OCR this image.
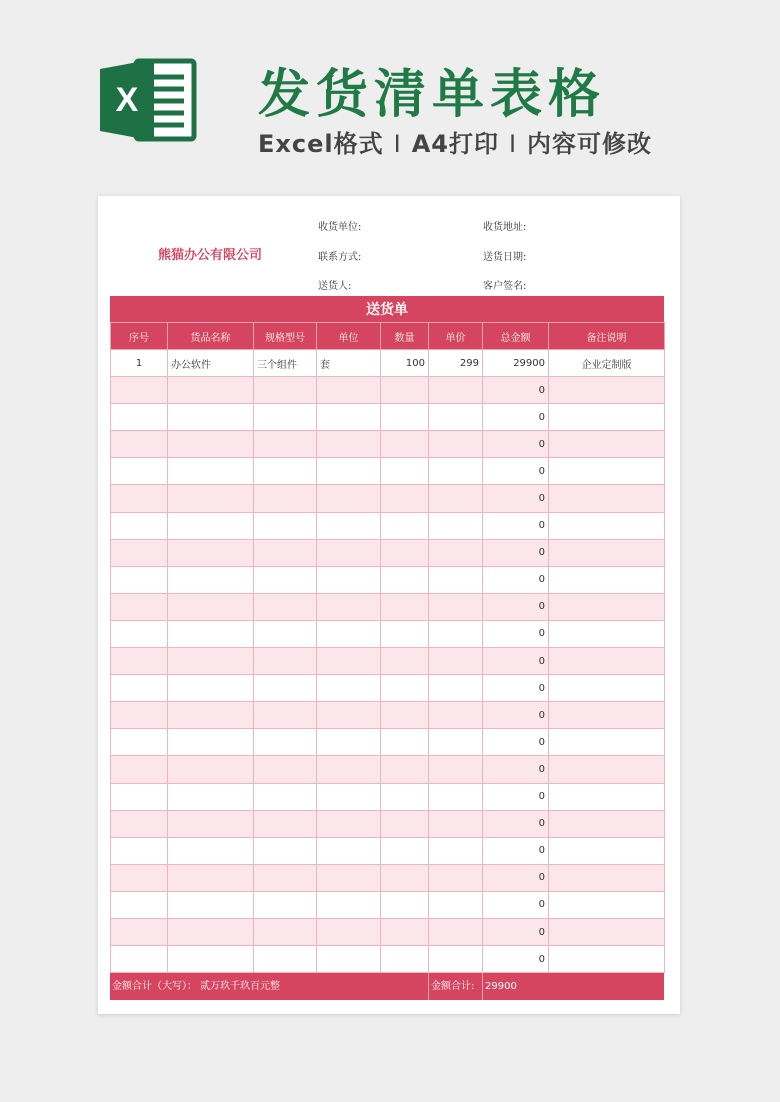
X 发货清单表格
Excel格式 I A4打印 I 内容可修改
熊猫办公有限公司
收货单位:	收货地址:
联系方式:	送货日期:
送货人:	客户签名:
送货单
序号	货品名称	规格型号	单位	数量	单价	总金额	备注说明
1	办公软件	三个组件	套	100	299	29900	企业定制版
						0	
						0	
						0	
						0	
						0	
						0	
						0	
						0	
						0	
						0	
						0	
						0	
						0	
						0	
						0	
						0	
						0	
						0	
						0	
						0	
						0	
						0	
金额合计（大写）： 贰万玖千玖百元整	金额合计: 29900
